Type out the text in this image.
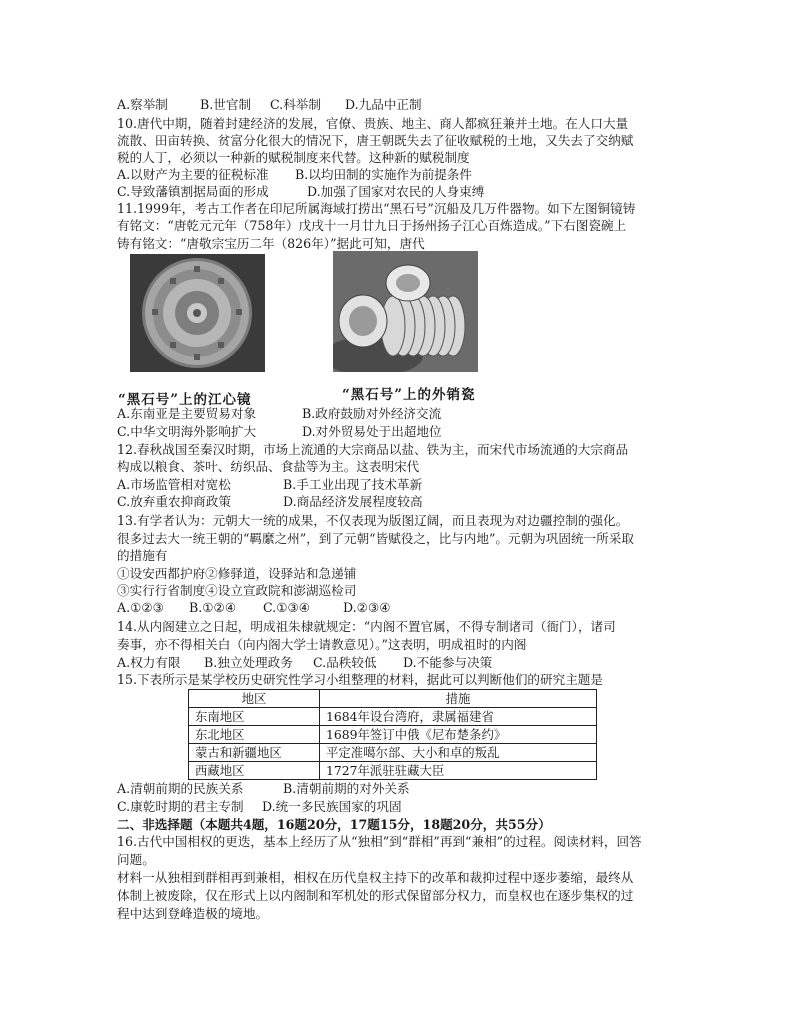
A.察举制	B.世官制 C.科举制 D.九品中正制
10.唐代中期，随着封建经济的发展，官僚、贵族、地主、商人都疯狂兼并土地。在人口大量
流散、田亩转换、贫富分化很大的情况下，唐王朝既失去了征收赋税的土地，又失去了交纳赋
税的人丁，必须以一种新的赋税制度来代替。这种新的赋税制度
A.以财产为主要的征税标准 B.以均田制的实施作为前提条件
C.导致藩镇割据局面的形成	D.加强了国家对农民的人身束缚
11.1999年，考古工作者在印尼所属海域打捞出“黑石号”沉船及几万件器物。如下左图铜镜铸
有铭文：“唐乾元元年（758年）戊戌十一月廿九日于扬州扬子江心百炼造成。”下右图瓷碗上
铸有铭文：“唐敬宗宝历二年（826年）”据此可知，唐代
“黑石号”上的江心镜	“黑石号”上的外销瓷
A.东南亚是主要贸易对象	B.政府鼓励对外经济交流
C.中华文明海外影响扩大	D.对外贸易处于出超地位
12.春秋战国至秦汉时期，市场上流通的大宗商品以盐、铁为主，而宋代市场流通的大宗商品
构成以粮食、茶叶、纺织品、食盐等为主。这表明宋代
A.市场监管相对宽松	B.手工业出现了技术革新
C.放弃重农抑商政策	D.商品经济发展程度较高
13.有学者认为：元朝大一统的成果，不仅表现为版图辽阔，而且表现为对边疆控制的强化。
很多过去大一统王朝的“羁縻之州”，到了元朝“皆赋役之，比与内地”。元朝为巩固统一所采取
的措施有
①设安西都护府②修驿道，设驿站和急递铺
③实行行省制度④设立宣政院和澎湖巡检司
A.①②③ B.①②④ C.①③④	D.②③④
14.从内阁建立之日起，明成祖朱棣就规定：“内阁不置官属，不得专制诸司（衙门），诸司
奏事，亦不得相关白（向内阁大学士请教意见）。”这表明，明成祖时的内阁
A.权力有限 B.独立处理政务 C.品秩较低 D.不能参与决策
15.下表所示是某学校历史研究性学习小组整理的材料，据此可以判断他们的研究主题是
地区	措施
东南地区	1684年设台湾府，隶属福建省
东北地区	1689年签订中俄《尼布楚条约》
蒙古和新疆地区	平定准噶尔部、大小和卓的叛乱
西藏地区	1727年派驻驻藏大臣
A.清朝前期的民族关系	B.清朝前期的对外关系
C.康乾时期的君主专制 D.统一多民族国家的巩固
二、非选择题（本题共4题，16题20分，17题15分，18题20分，共55分）
16.古代中国相权的更迭，基本上经历了从“独相”到“群相”再到“兼相”的过程。阅读材料，回答
问题。
材料一从独相到群相再到兼相，相权在历代皇权主持下的改革和裁抑过程中逐步萎缩，最终从
体制上被废除，仅在形式上以内阁制和军机处的形式保留部分权力，而皇权也在逐步集权的过
程中达到登峰造极的境地。
